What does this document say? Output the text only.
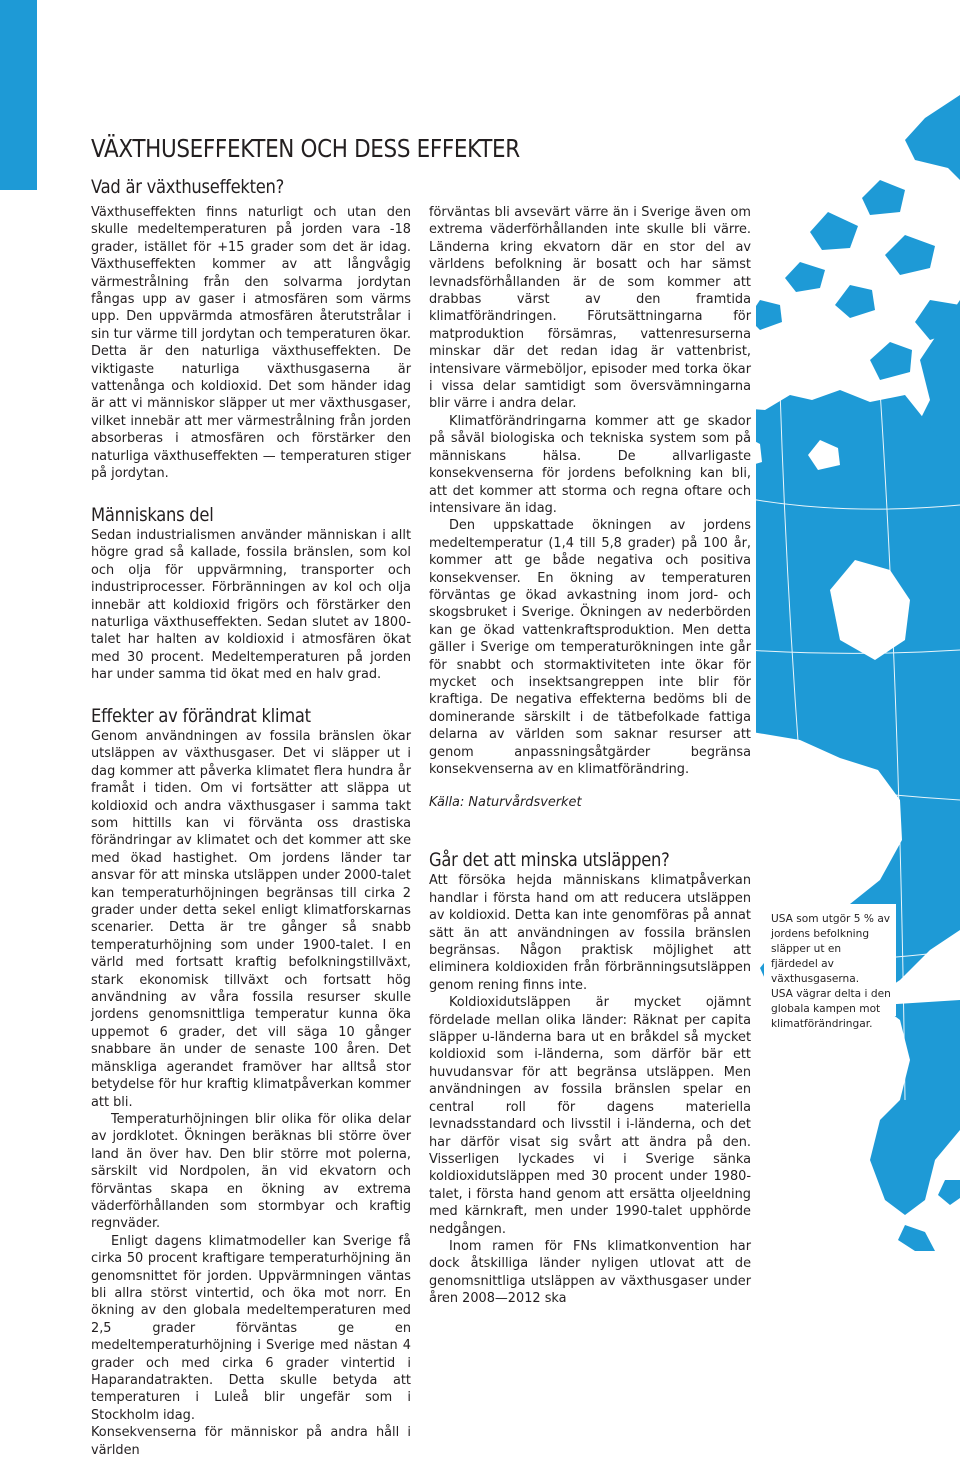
VÄXTHUSEFFEKTEN OCH DESS EFFEKTER
Vad är växthuseffekten?

Växthuseffekten finns naturligt och utan den skulle medeltemperaturen på jorden vara -18 grader, istället för +15 grader som det är idag. Växthuseffekten kommer av att långvågig värmestrålning från den solvarma jordytan fångas upp av gaser i atmosfären som värms upp. Den uppvärmda atmosfären återutstrålar i sin tur värme till jordytan och temperaturen ökar. Detta är den naturliga växthuseffekten. De viktigaste naturliga växthusgaserna är vattenånga och koldioxid. Det som händer idag är att vi människor släpper ut mer växthusgaser, vilket innebär att mer värmestrålning från jorden absorberas i atmosfären och förstärker den naturliga växthuseffekten — temperaturen stiger på jordytan.

Människans del

Sedan industrialismen använder människan i allt högre grad så kallade, fossila bränslen, som kol och olja för uppvärmning, transporter och industriprocesser. Förbränningen av kol och olja innebär att koldioxid frigörs och förstärker den naturliga växthuseffekten. Sedan slutet av 1800-talet har halten av koldioxid i atmosfären ökat med 30 procent. Medeltemperaturen på jorden har under samma tid ökat med en halv grad.

Effekter av förändrat klimat

Genom användningen av fossila bränslen ökar utsläppen av växthusgaser. Det vi släpper ut i dag kommer att påverka klimatet flera hundra år framåt i tiden. Om vi fortsätter att släppa ut koldioxid och andra växthusgaser i samma takt som hittills kan vi förvänta oss drastiska förändringar av klimatet och det kommer att ske med ökad hastighet. Om jordens länder tar ansvar för att minska utsläppen under 2000-talet kan temperaturhöjningen begränsas till cirka 2 grader under detta sekel enligt klimatforskarnas scenarier. Detta är tre gånger så snabb temperaturhöjning som under 1900-talet. I en värld med fortsatt kraftig befolkningstillväxt, stark ekonomisk tillväxt och fortsatt hög användning av våra fossila resurser skulle jordens genomsnittliga temperatur kunna öka uppemot 6 grader, det vill säga 10 gånger snabbare än under de senaste 100 åren. Det mänskliga agerandet framöver har alltså stor betydelse för hur kraftig klimatpåverkan kommer att bli.

Temperaturhöjningen blir olika för olika delar av jordklotet. Ökningen beräknas bli större över land än över hav. Den blir större mot polerna, särskilt vid Nordpolen, än vid ekvatorn och förväntas skapa en ökning av extrema väderförhållanden som stormbyar och kraftig regnväder.

Enligt dagens klimatmodeller kan Sverige få cirka 50 procent kraftigare temperaturhöjning än genomsnittet för jorden. Uppvärmningen väntas bli allra störst vintertid, och öka mot norr. En ökning av den globala medeltemperaturen med 2,5 grader förväntas ge en medeltemperaturhöjning i Sverige med nästan 4 grader och med cirka 6 grader vintertid i Haparandatrakten. Detta skulle betyda att temperaturen i Luleå blir ungefär som i Stockholm idag.

Konsekvenserna för människor på andra håll i världen

förväntas bli avsevärt värre än i Sverige även om extrema väderförhållanden inte skulle bli värre. Länderna kring ekvatorn där en stor del av världens befolkning är bosatt och har sämst levnadsförhållanden är de som kommer att drabbas värst av den framtida klimatförändringen. Förutsättningarna för matproduktion försämras, vattenresurserna minskar där det redan idag är vattenbrist, intensivare värmeböljor, episoder med torka ökar i vissa delar samtidigt som översvämningarna blir värre i andra delar.

Klimatförändringarna kommer att ge skador på såväl biologiska och tekniska system som på människans hälsa. De allvarligaste konsekvenserna för jordens befolkning kan bli, att det kommer att storma och regna oftare och intensivare än idag.

Den uppskattade ökningen av jordens medeltemperatur (1,4 till 5,8 grader) på 100 år, kommer att ge både negativa och positiva konsekvenser. En ökning av temperaturen förväntas ge ökad avkastning inom jord- och skogsbruket i Sverige. Ökningen av nederbörden kan ge ökad vattenkraftsproduktion. Men detta gäller i Sverige om temperaturökningen inte går för snabbt och stormaktiviteten inte ökar för mycket och insektsangreppen inte blir för kraftiga. De negativa effekterna bedöms bli de dominerande särskilt i de tätbefolkade fattiga delarna av världen som saknar resurser att genom anpassningsåtgärder begränsa konsekvenserna av en klimatförändring.

Källa: Naturvårdsverket

Går det att minska utsläppen?

Att försöka hejda människans klimatpåverkan handlar i första hand om att reducera utsläppen av koldioxid. Detta kan inte genomföras på annat sätt än att användningen av fossila bränslen begränsas. Någon praktisk möjlighet att eliminera koldioxiden från förbränningsutsläppen genom rening finns inte.

Koldioxidutsläppen är mycket ojämnt fördelade mellan olika länder: Räknat per capita släpper u-länderna bara ut en bråkdel så mycket koldioxid som i-länderna, som därför bär ett huvudansvar för att begränsa utsläppen. Men användningen av fossila bränslen spelar en central roll för dagens materiella levnadsstandard och livsstil i i-länderna, och det har därför visat sig svårt att ändra på den. Visserligen lyckades vi i Sverige sänka koldioxidutsläppen med 30 procent under 1980-talet, i första hand genom att ersätta oljeeldning med kärnkraft, men under 1990-talet upphörde nedgången.

Inom ramen för FNs klimatkonvention har dock åtskilliga länder nyligen utlovat att de genomsnittliga utsläppen av växthusgaser under åren 2008—2012 ska

USA som utgör 5 % av jordens befolkning släpper ut en fjärdedel av växthusgaserna.

USA vägrar delta i den globala kampen mot klimatförändringar.
